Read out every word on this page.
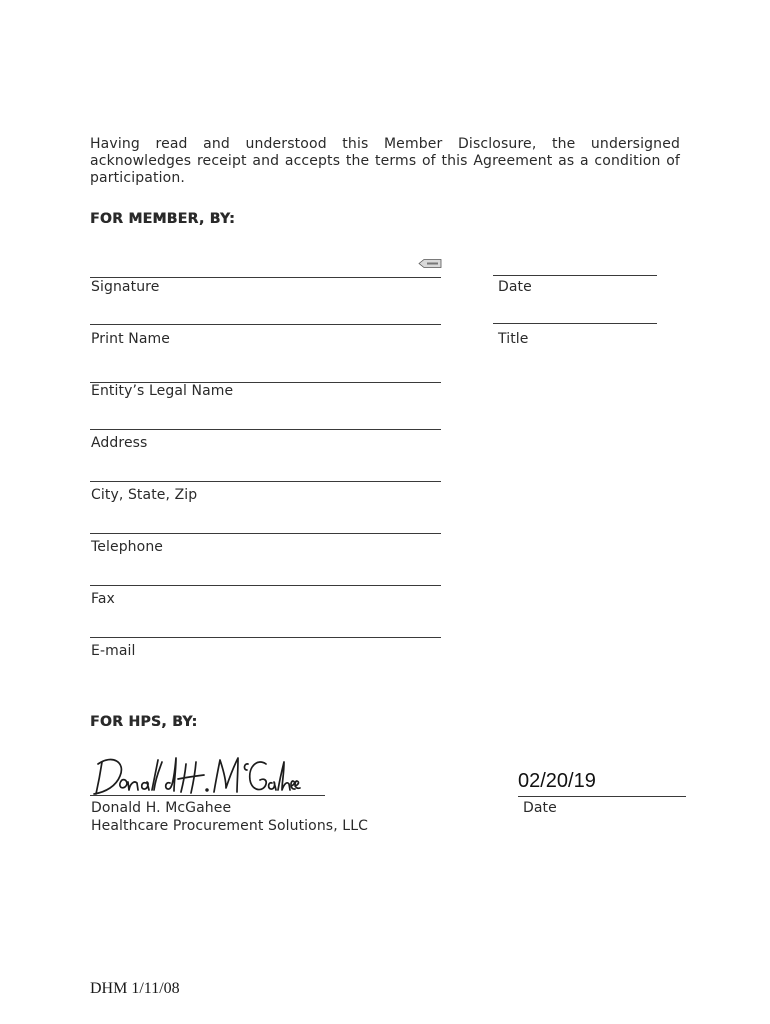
Having read and understood this Member Disclosure, the undersigned acknowledges receipt and accepts the terms of this Agreement as a condition of participation.

FOR MEMBER, BY:

Signature	Date

Print Name	Title

Entity’s Legal Name

Address

City, State, Zip

Telephone

Fax

E-mail

FOR HPS, BY:

Donald H. McGahee

Healthcare Procurement Solutions, LLC

02/20/19

Date

DHM 1/11/08
